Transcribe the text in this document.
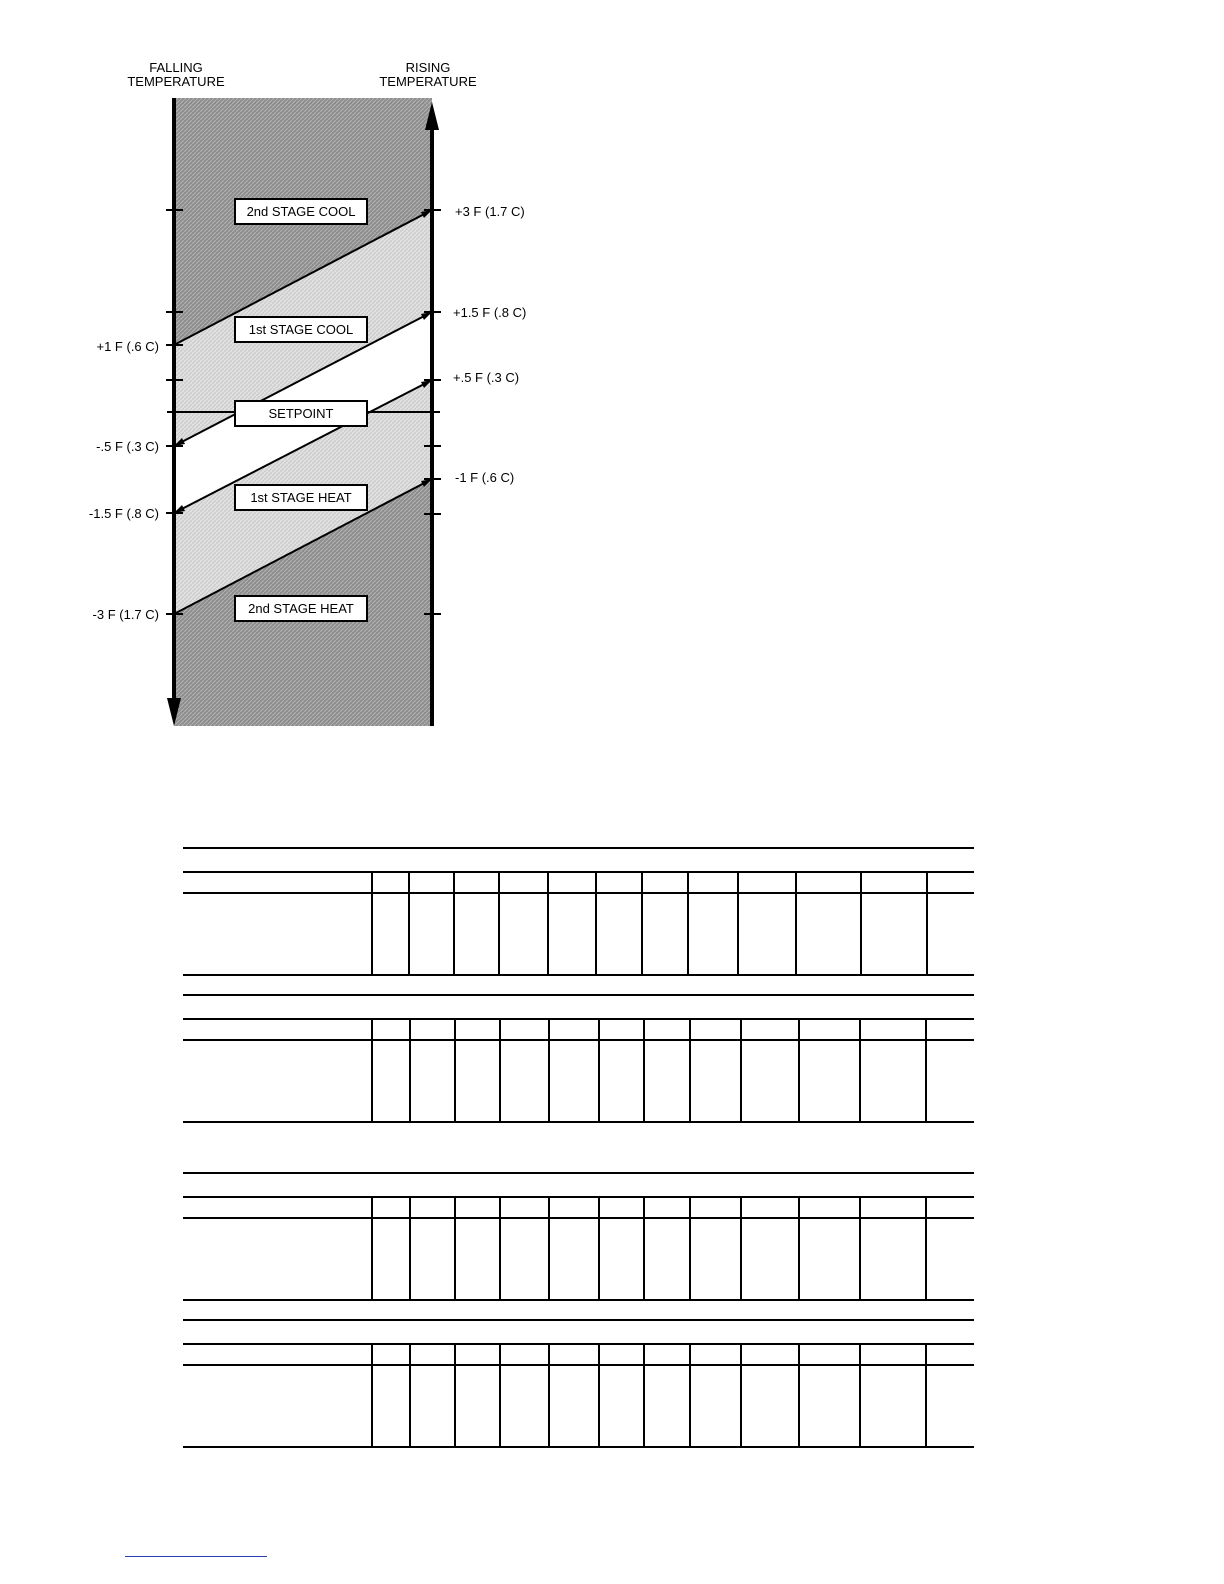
FALLING
TEMPERATURE
RISING
TEMPERATURE
2nd STAGE COOL
1st STAGE COOL
SETPOINT
1st STAGE HEAT
2nd STAGE HEAT
+1 F (.6 C)
-.5 F (.3 C)
-1.5 F (.8 C)
-3 F (1.7 C)
+3 F (1.7 C)
+1.5 F (.8 C)
+.5 F (.3 C)
-1 F (.6 C)
